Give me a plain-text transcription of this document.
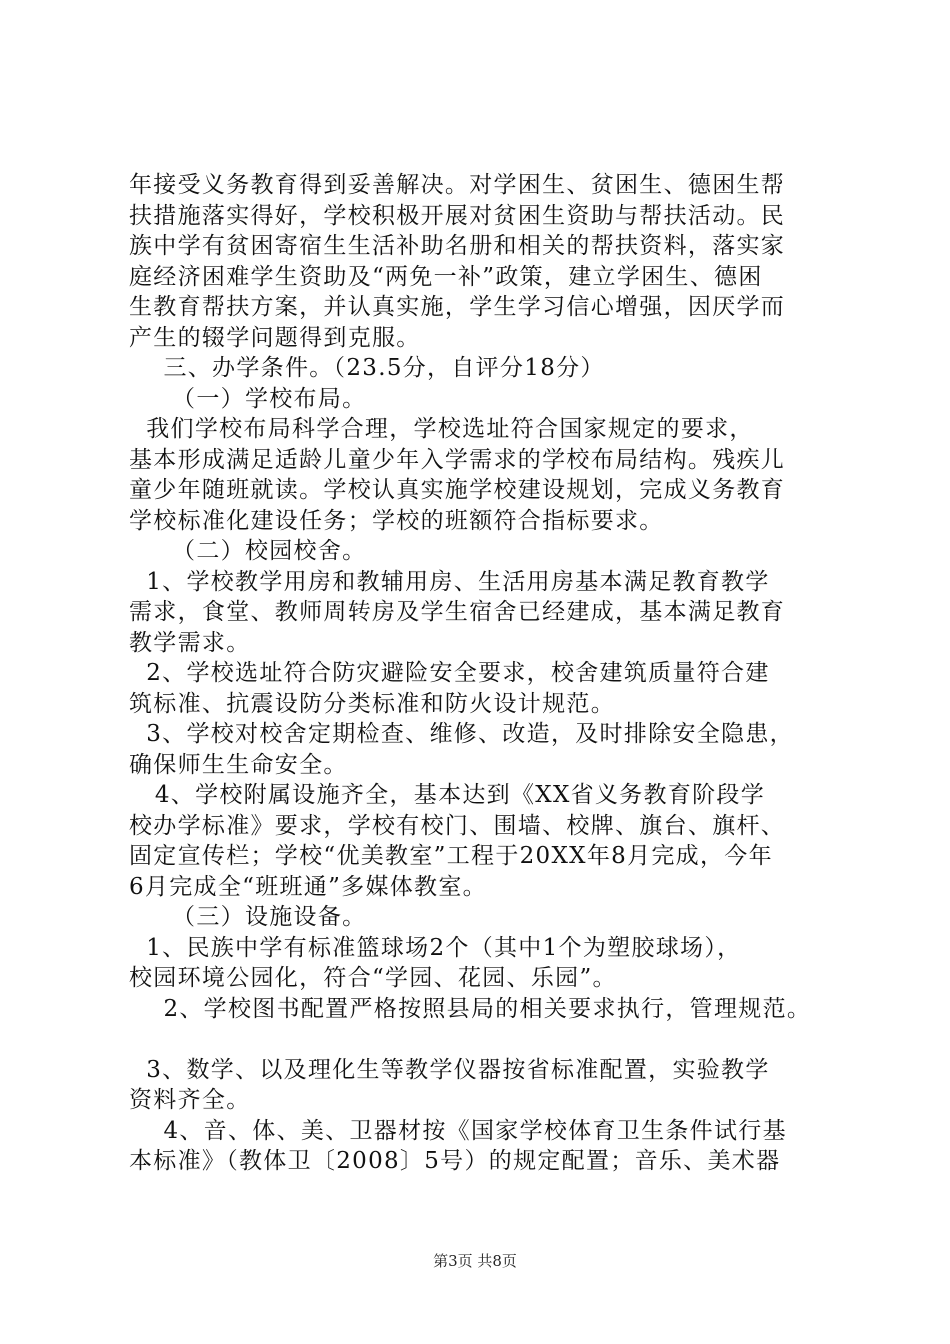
年接受义务教育得到妥善解决。对学困生、贫困生、德困生帮
扶措施落实得好，学校积极开展对贫困生资助与帮扶活动。民
族中学有贫困寄宿生生活补助名册和相关的帮扶资料，落实家
庭经济困难学生资助及“两免一补”政策，建立学困生、德困
生教育帮扶方案，并认真实施，学生学习信心增强，因厌学而
产生的辍学问题得到克服。
三、办学条件。（23.5分，自评分18分）
（一）学校布局。
我们学校布局科学合理，学校选址符合国家规定的要求，
基本形成满足适龄儿童少年入学需求的学校布局结构。残疾儿
童少年随班就读。学校认真实施学校建设规划，完成义务教育
学校标准化建设任务；学校的班额符合指标要求。
（二）校园校舍。
1、学校教学用房和教辅用房、生活用房基本满足教育教学
需求，食堂、教师周转房及学生宿舍已经建成，基本满足教育
教学需求。
2、学校选址符合防灾避险安全要求，校舍建筑质量符合建
筑标准、抗震设防分类标准和防火设计规范。
3、学校对校舍定期检查、维修、改造，及时排除安全隐患，
确保师生生命安全。
4、学校附属设施齐全，基本达到《XX省义务教育阶段学
校办学标准》要求，学校有校门、围墙、校牌、旗台、旗杆、
固定宣传栏；学校“优美教室”工程于20XX年8月完成，今年
6月完成全“班班通”多媒体教室。
（三）设施设备。
1、民族中学有标准篮球场2个（其中1个为塑胶球场），
校园环境公园化，符合“学园、花园、乐园”。
2、学校图书配置严格按照县局的相关要求执行，管理规范。
3、数学、以及理化生等教学仪器按省标准配置，实验教学
资料齐全。
4、音、体、美、卫器材按《国家学校体育卫生条件试行基
本标准》（教体卫〔2008〕5号）的规定配置；音乐、美术器
第3页 共8页
